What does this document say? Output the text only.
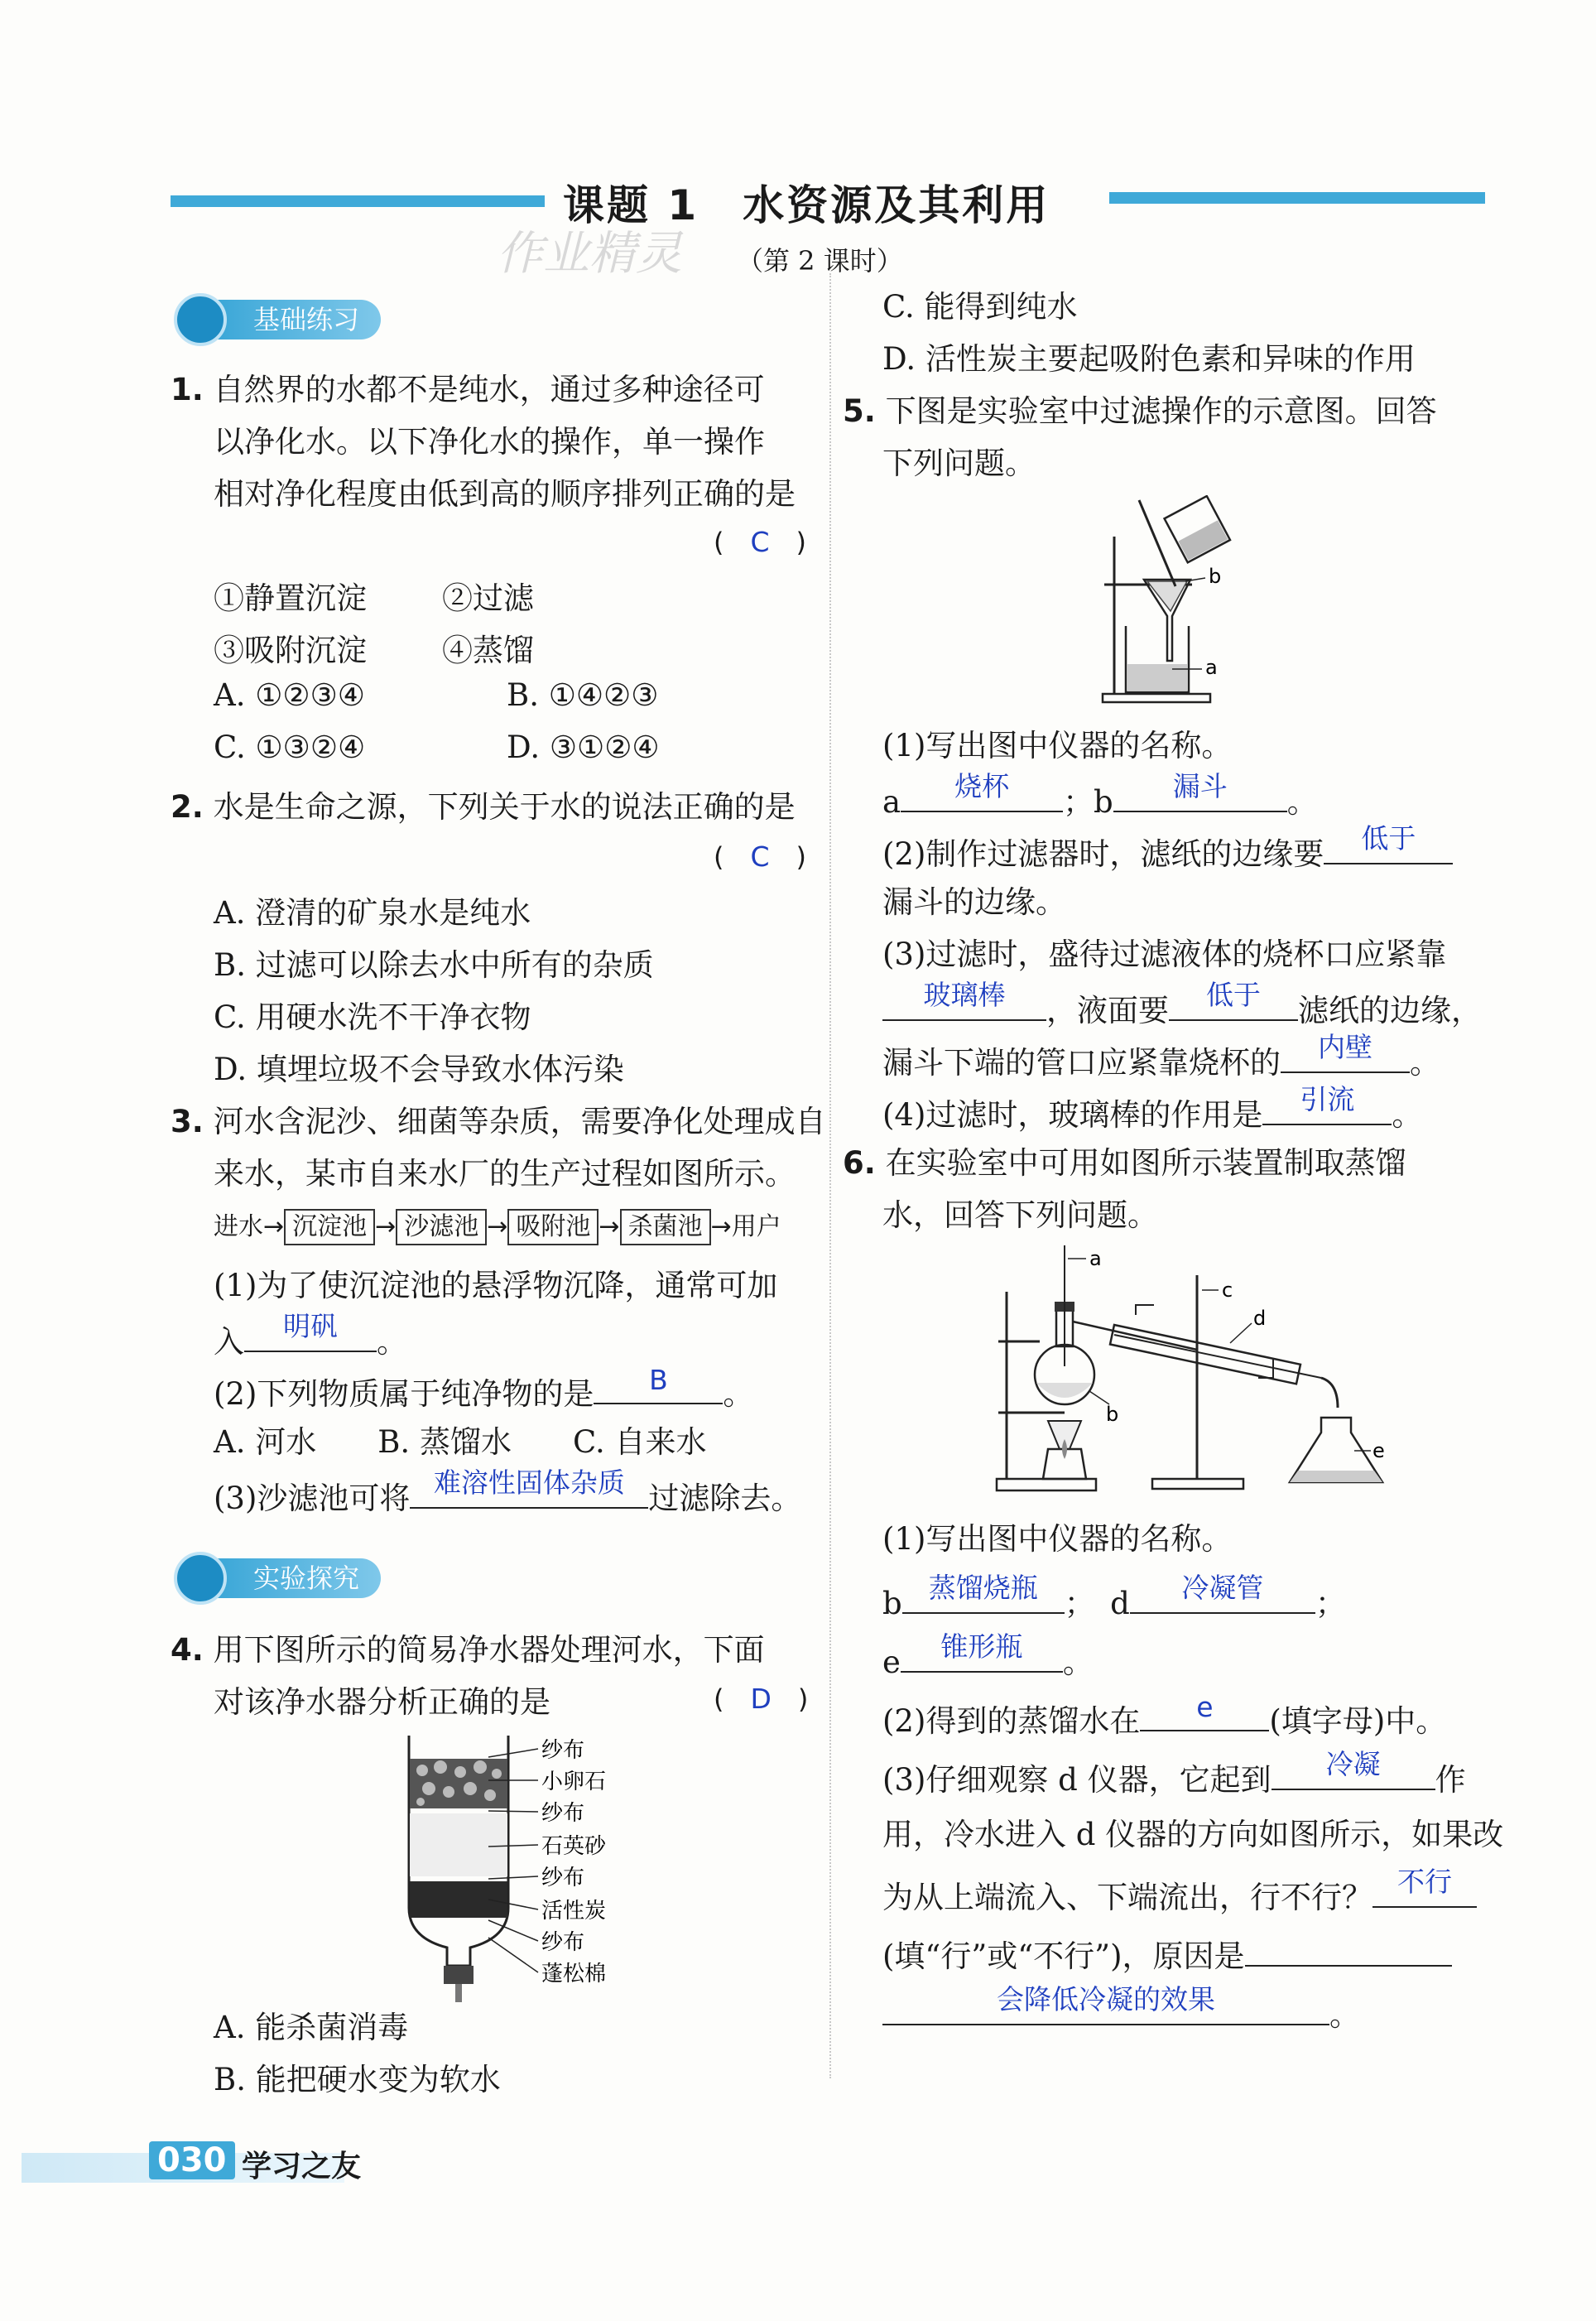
课题 1　水资源及其利用
（第 2 课时）
作业精灵
基础练习
1. 自然界的水都不是纯水，通过多种途径可
以净化水。以下净化水的操作，单一操作
相对净化程度由低到高的顺序排列正确的是
(　C　)
①静置沉淀 ②过滤
③吸附沉淀 ④蒸馏
A. ①②③④	B. ①④②③
C. ①③②④	D. ③①②④
2. 水是生命之源，下列关于水的说法正确的是
(　C　)
A. 澄清的矿泉水是纯水
B. 过滤可以除去水中所有的杂质
C. 用硬水洗不干净衣物
D. 填埋垃圾不会导致水体污染
3. 河水含泥沙、细菌等杂质，需要净化处理成自
来水，某市自来水厂的生产过程如图所示。
进水→ 沉淀池 → 沙滤池 → 吸附池 → 杀菌池 →用户
(1)为了使沉淀池的悬浮物沉降，通常可加
入	明矾	。
(2)下列物质属于纯净物的是	B	。
A. 河水　　B. 蒸馏水　　C. 自来水
(3)沙滤池可将 难溶性固体杂质 过滤除去。
实验探究
4. 用下图所示的简易净水器处理河水，下面
对该净水器分析正确的是	(　D　)
纱布
小卵石
纱布
石英砂
纱布
活性炭
纱布
蓬松棉
A. 能杀菌消毒
B. 能把硬水变为软水
C. 能得到纯水
D. 活性炭主要起吸附色素和异味的作用
5. 下图是实验室中过滤操作的示意图。回答
下列问题。
b
a
(1)写出图中仪器的名称。
a	烧杯	；b	漏斗	。
(2)制作过滤器时，滤纸的边缘要	低于
漏斗的边缘。
(3)过滤时，盛待过滤液体的烧杯口应紧靠
玻璃棒	，液面要	低于	滤纸的边缘，
漏斗下端的管口应紧靠烧杯的	内壁	。
(4)过滤时，玻璃棒的作用是	引流	。
6. 在实验室中可用如图所示装置制取蒸馏
水，回答下列问题。
a
b
c
d
e
(1)写出图中仪器的名称。
b 蒸馏烧瓶 ；　d	冷凝管	；
e	锥形瓶	。
(2)得到的蒸馏水在	e	(填字母)中。
(3)仔细观察 d 仪器，它起到	冷凝	作
用，冷水进入 d 仪器的方向如图所示，如果改
为从上端流入、下端流出，行不行？ 不行
(填“行”或“不行”)，原因是
会降低冷凝的效果	。
030 学习之友
